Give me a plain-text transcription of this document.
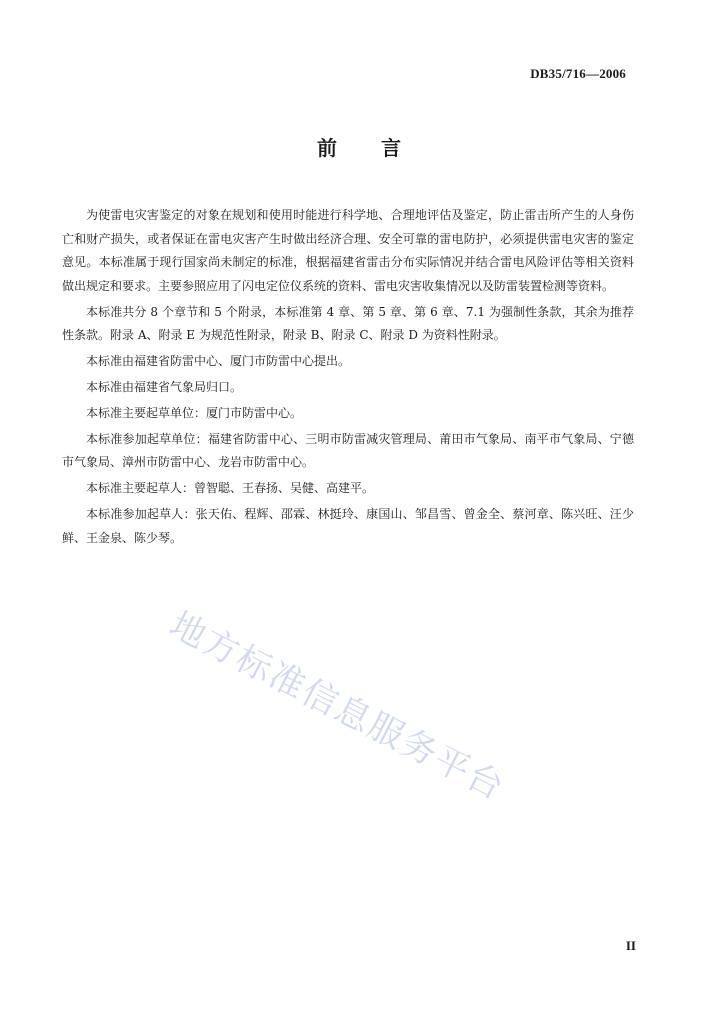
DB35/716—2006
前言

为使雷电灾害鉴定的对象在规划和使用时能进行科学地、合理地评估及鉴定，防止雷击所产生的人身伤亡和财产损失，或者保证在雷电灾害产生时做出经济合理、安全可靠的雷电防护，必须提供雷电灾害的鉴定意见。本标准属于现行国家尚未制定的标准，根据福建省雷击分布实际情况并结合雷电风险评估等相关资料做出规定和要求。主要参照应用了闪电定位仪系统的资料、雷电灾害收集情况以及防雷装置检测等资料。

本标准共分 8 个章节和 5 个附录，本标准第 4 章、第 5 章、第 6 章、7.1 为强制性条款，其余为推荐性条款。附录 A、附录 E 为规范性附录，附录 B、附录 C、附录 D 为资料性附录。

本标准由福建省防雷中心、厦门市防雷中心提出。

本标准由福建省气象局归口。

本标准主要起草单位：厦门市防雷中心。

本标准参加起草单位：福建省防雷中心、三明市防雷减灾管理局、莆田市气象局、南平市气象局、宁德市气象局、漳州市防雷中心、龙岩市防雷中心。

本标准主要起草人：曾智聪、王春扬、吴健、高建平。

本标准参加起草人：张天佑、程辉、邵霖、林挺玲、康国山、邹昌雪、曾金全、蔡河章、陈兴旺、汪少鲜、王金泉、陈少琴。

地方标准信息服务平台
II
